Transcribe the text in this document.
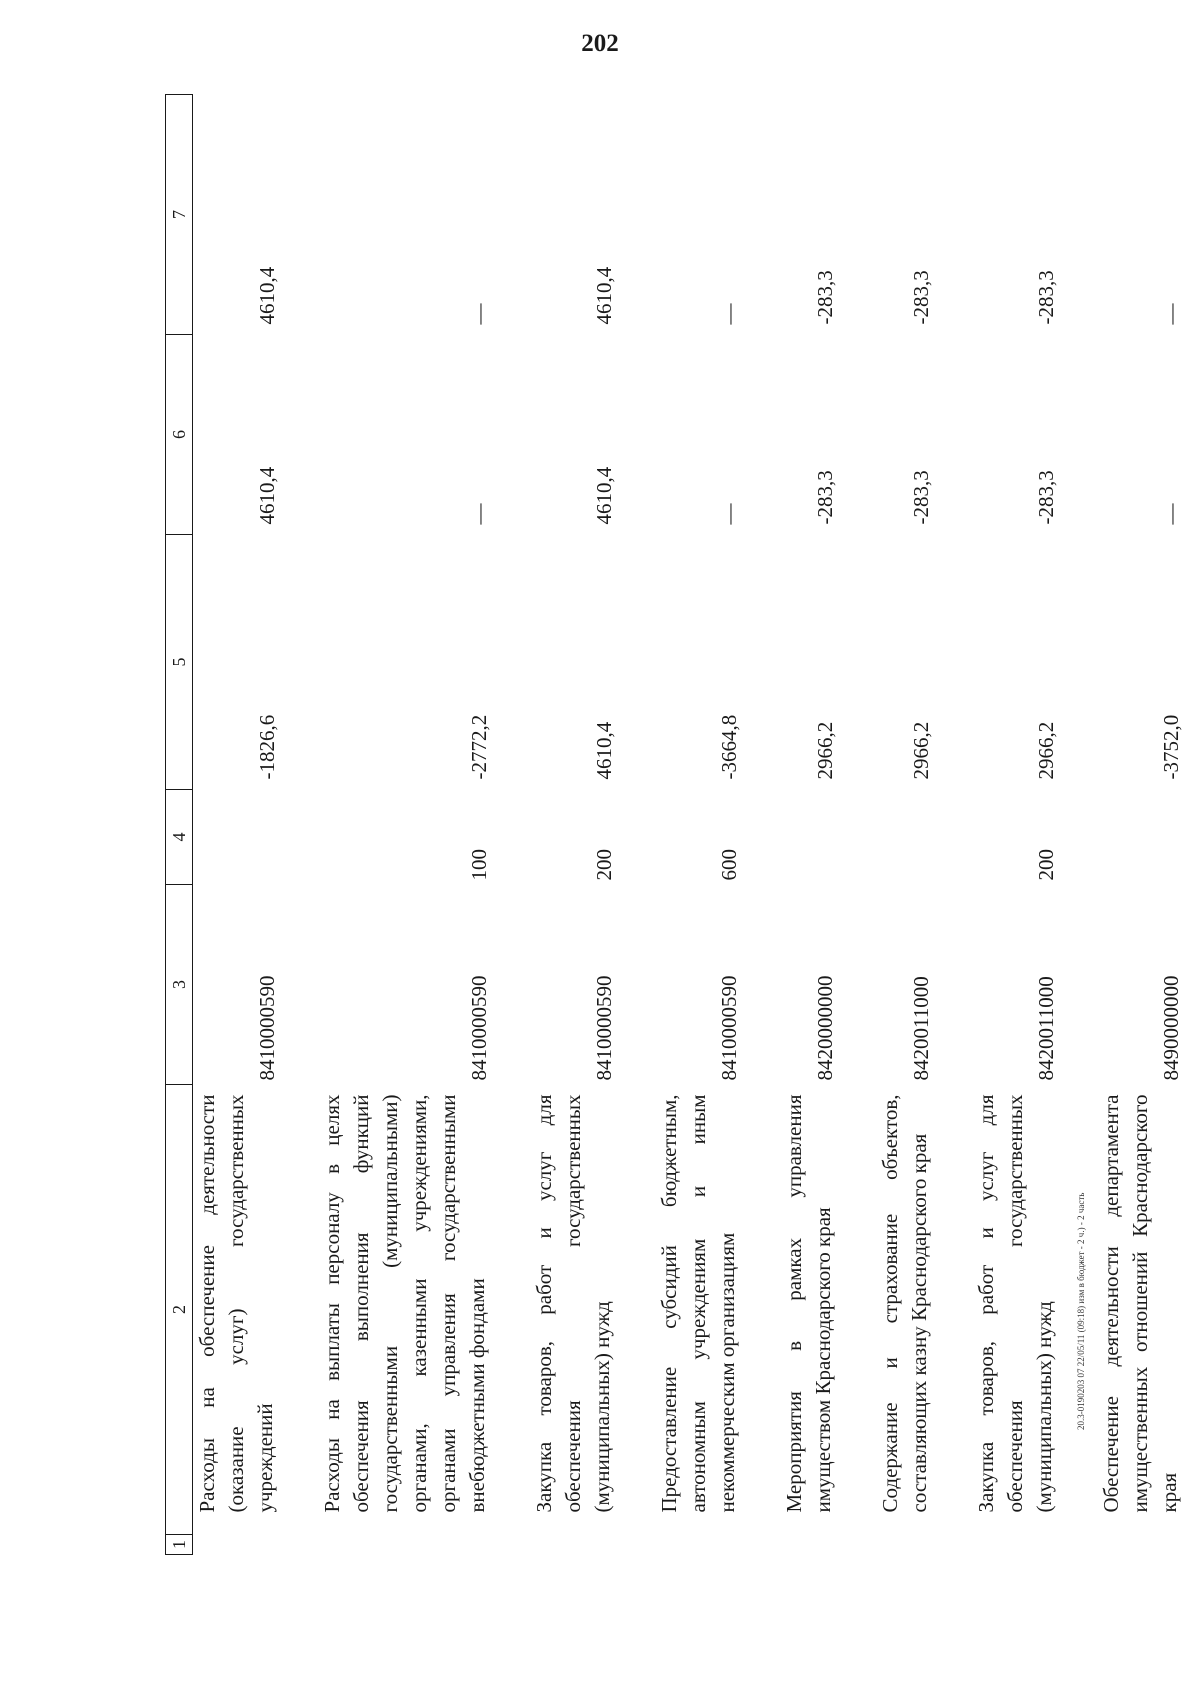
202
1	2	3	4	5	6	7
	Расходы на обеспечение деятельности (оказание услуг) государственных учреждений	8410000590		-1826,6	4610,4	4610,4

	Расходы на выплаты персоналу в целях обеспечения выполнения функций государственными (муниципальными) органами, казенными учреждениями, органами управления государственными внебюджетными фондами	8410000590	100	-2772,2	—	—

	Закупка товаров, работ и услуг для обеспечения государственных (муниципальных) нужд	8410000590	200	4610,4	4610,4	4610,4

	Предоставление субсидий бюджетным, автономным учреждениям и иным некоммерческим организациям	8410000590	600	-3664,8	—	—

	Мероприятия в рамках управления имуществом Краснодарского края	8420000000		2966,2	-283,3	-283,3

	Содержание и страхование объектов, составляющих казну Краснодарского края	8420011000		2966,2	-283,3	-283,3

	Закупка товаров, работ и услуг для обеспечения государственных (муниципальных) нужд	8420011000	200	2966,2	-283,3	-283,3

	Обеспечение деятельности департамента имущественных отношений Краснодарского края	8490000000		-3752,0	—	—
20.3-0190203 07 22/05/11 (09:18) изм в бюджет - 2 ч.) - 2 часть
